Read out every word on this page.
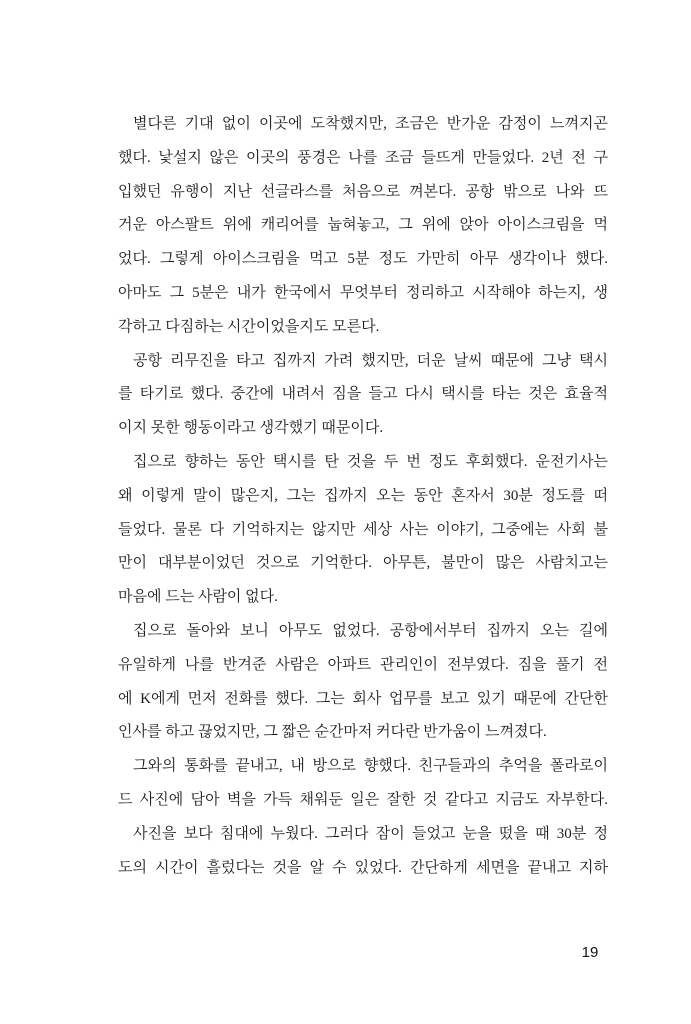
별다른 기대 없이 이곳에 도착했지만, 조금은 반가운 감정이 느껴지곤
했다. 낯설지 않은 이곳의 풍경은 나를 조금 들뜨게 만들었다. 2년 전 구
입했던 유행이 지난 선글라스를 처음으로 껴본다. 공항 밖으로 나와 뜨
거운 아스팔트 위에 캐리어를 눕혀놓고, 그 위에 앉아 아이스크림을 먹
었다. 그렇게 아이스크림을 먹고 5분 정도 가만히 아무 생각이나 했다.
아마도 그 5분은 내가 한국에서 무엇부터 정리하고 시작해야 하는지, 생
각하고 다짐하는 시간이었을지도 모른다.
공항 리무진을 타고 집까지 가려 했지만, 더운 날씨 때문에 그냥 택시
를 타기로 했다. 중간에 내려서 짐을 들고 다시 택시를 타는 것은 효율적
이지 못한 행동이라고 생각했기 때문이다.
집으로 향하는 동안 택시를 탄 것을 두 번 정도 후회했다. 운전기사는
왜 이렇게 말이 많은지, 그는 집까지 오는 동안 혼자서 30분 정도를 떠
들었다. 물론 다 기억하지는 않지만 세상 사는 이야기, 그중에는 사회 불
만이 대부분이었던 것으로 기억한다. 아무튼, 불만이 많은 사람치고는
마음에 드는 사람이 없다.
집으로 돌아와 보니 아무도 없었다. 공항에서부터 집까지 오는 길에
유일하게 나를 반겨준 사람은 아파트 관리인이 전부였다. 짐을 풀기 전
에 K에게 먼저 전화를 했다. 그는 회사 업무를 보고 있기 때문에 간단한
인사를 하고 끊었지만, 그 짧은 순간마저 커다란 반가움이 느껴졌다.
그와의 통화를 끝내고, 내 방으로 향했다. 친구들과의 추억을 폴라로이
드 사진에 담아 벽을 가득 채워둔 일은 잘한 것 같다고 지금도 자부한다.
사진을 보다 침대에 누웠다. 그러다 잠이 들었고 눈을 떴을 때 30분 정
도의 시간이 흘렀다는 것을 알 수 있었다. 간단하게 세면을 끝내고 지하
19
